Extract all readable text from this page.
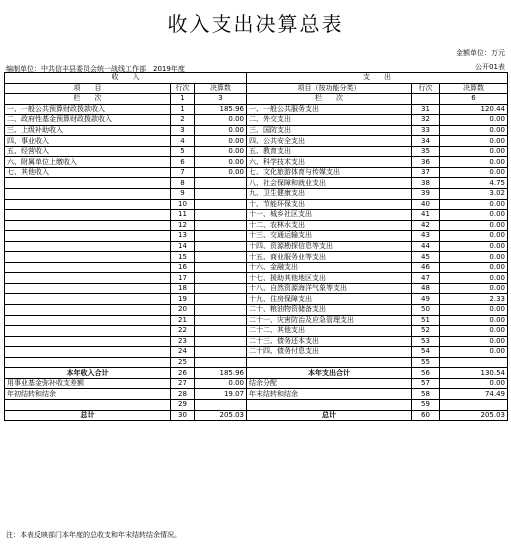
收入支出决算总表
金额单位：万元
公开01表
编制单位：中共信丰县委员会统一战线工作部　2019年度
收　　入			支　　出		
项　　目	行次	决算数	项目（按功能分类）	行次	决算数
栏　　次	1	3	栏　　次		6
一、一般公共预算财政拨款收入	1	185.96	一、一般公共服务支出	31	120.44
二、政府性基金预算财政拨款收入	2	0.00	二、外交支出	32	0.00
三、上级补助收入	3	0.00	三、国防支出	33	0.00
四、事业收入	4	0.00	四、公共安全支出	34	0.00
五、经营收入	5	0.00	五、教育支出	35	0.00
六、附属单位上缴收入	6	0.00	六、科学技术支出	36	0.00
七、其他收入	7	0.00	七、文化旅游体育与传媒支出	37	0.00
	8		八、社会保障和就业支出	38	4.75
	9		九、卫生健康支出	39	3.02
	10		十、节能环保支出	40	0.00
	11		十一、城乡社区支出	41	0.00
	12		十二、农林水支出	42	0.00
	13		十三、交通运输支出	43	0.00
	14		十四、资源勘探信息等支出	44	0.00
	15		十五、商业服务业等支出	45	0.00
	16		十六、金融支出	46	0.00
	17		十七、援助其他地区支出	47	0.00
	18		十八、自然资源海洋气象等支出	48	0.00
	19		十九、住房保障支出	49	2.33
	20		二十、粮油物资储备支出	50	0.00
	21		二十一、灾害防治及应急管理支出	51	0.00
	22		二十二、其他支出	52	0.00
	23		二十三、债务还本支出	53	0.00
	24		二十四、债务付息支出	54	0.00
	25			55	
本年收入合计	26	185.96	本年支出合计	56	130.54
用事业基金弥补收支差额	27	0.00	结余分配	57	0.00
年初结转和结余	28	19.07	年末结转和结余	58	74.49
	29			59	
总计	30	205.03	总计	60	205.03
注：本表反映部门本年度的总收支和年末结转结余情况。
